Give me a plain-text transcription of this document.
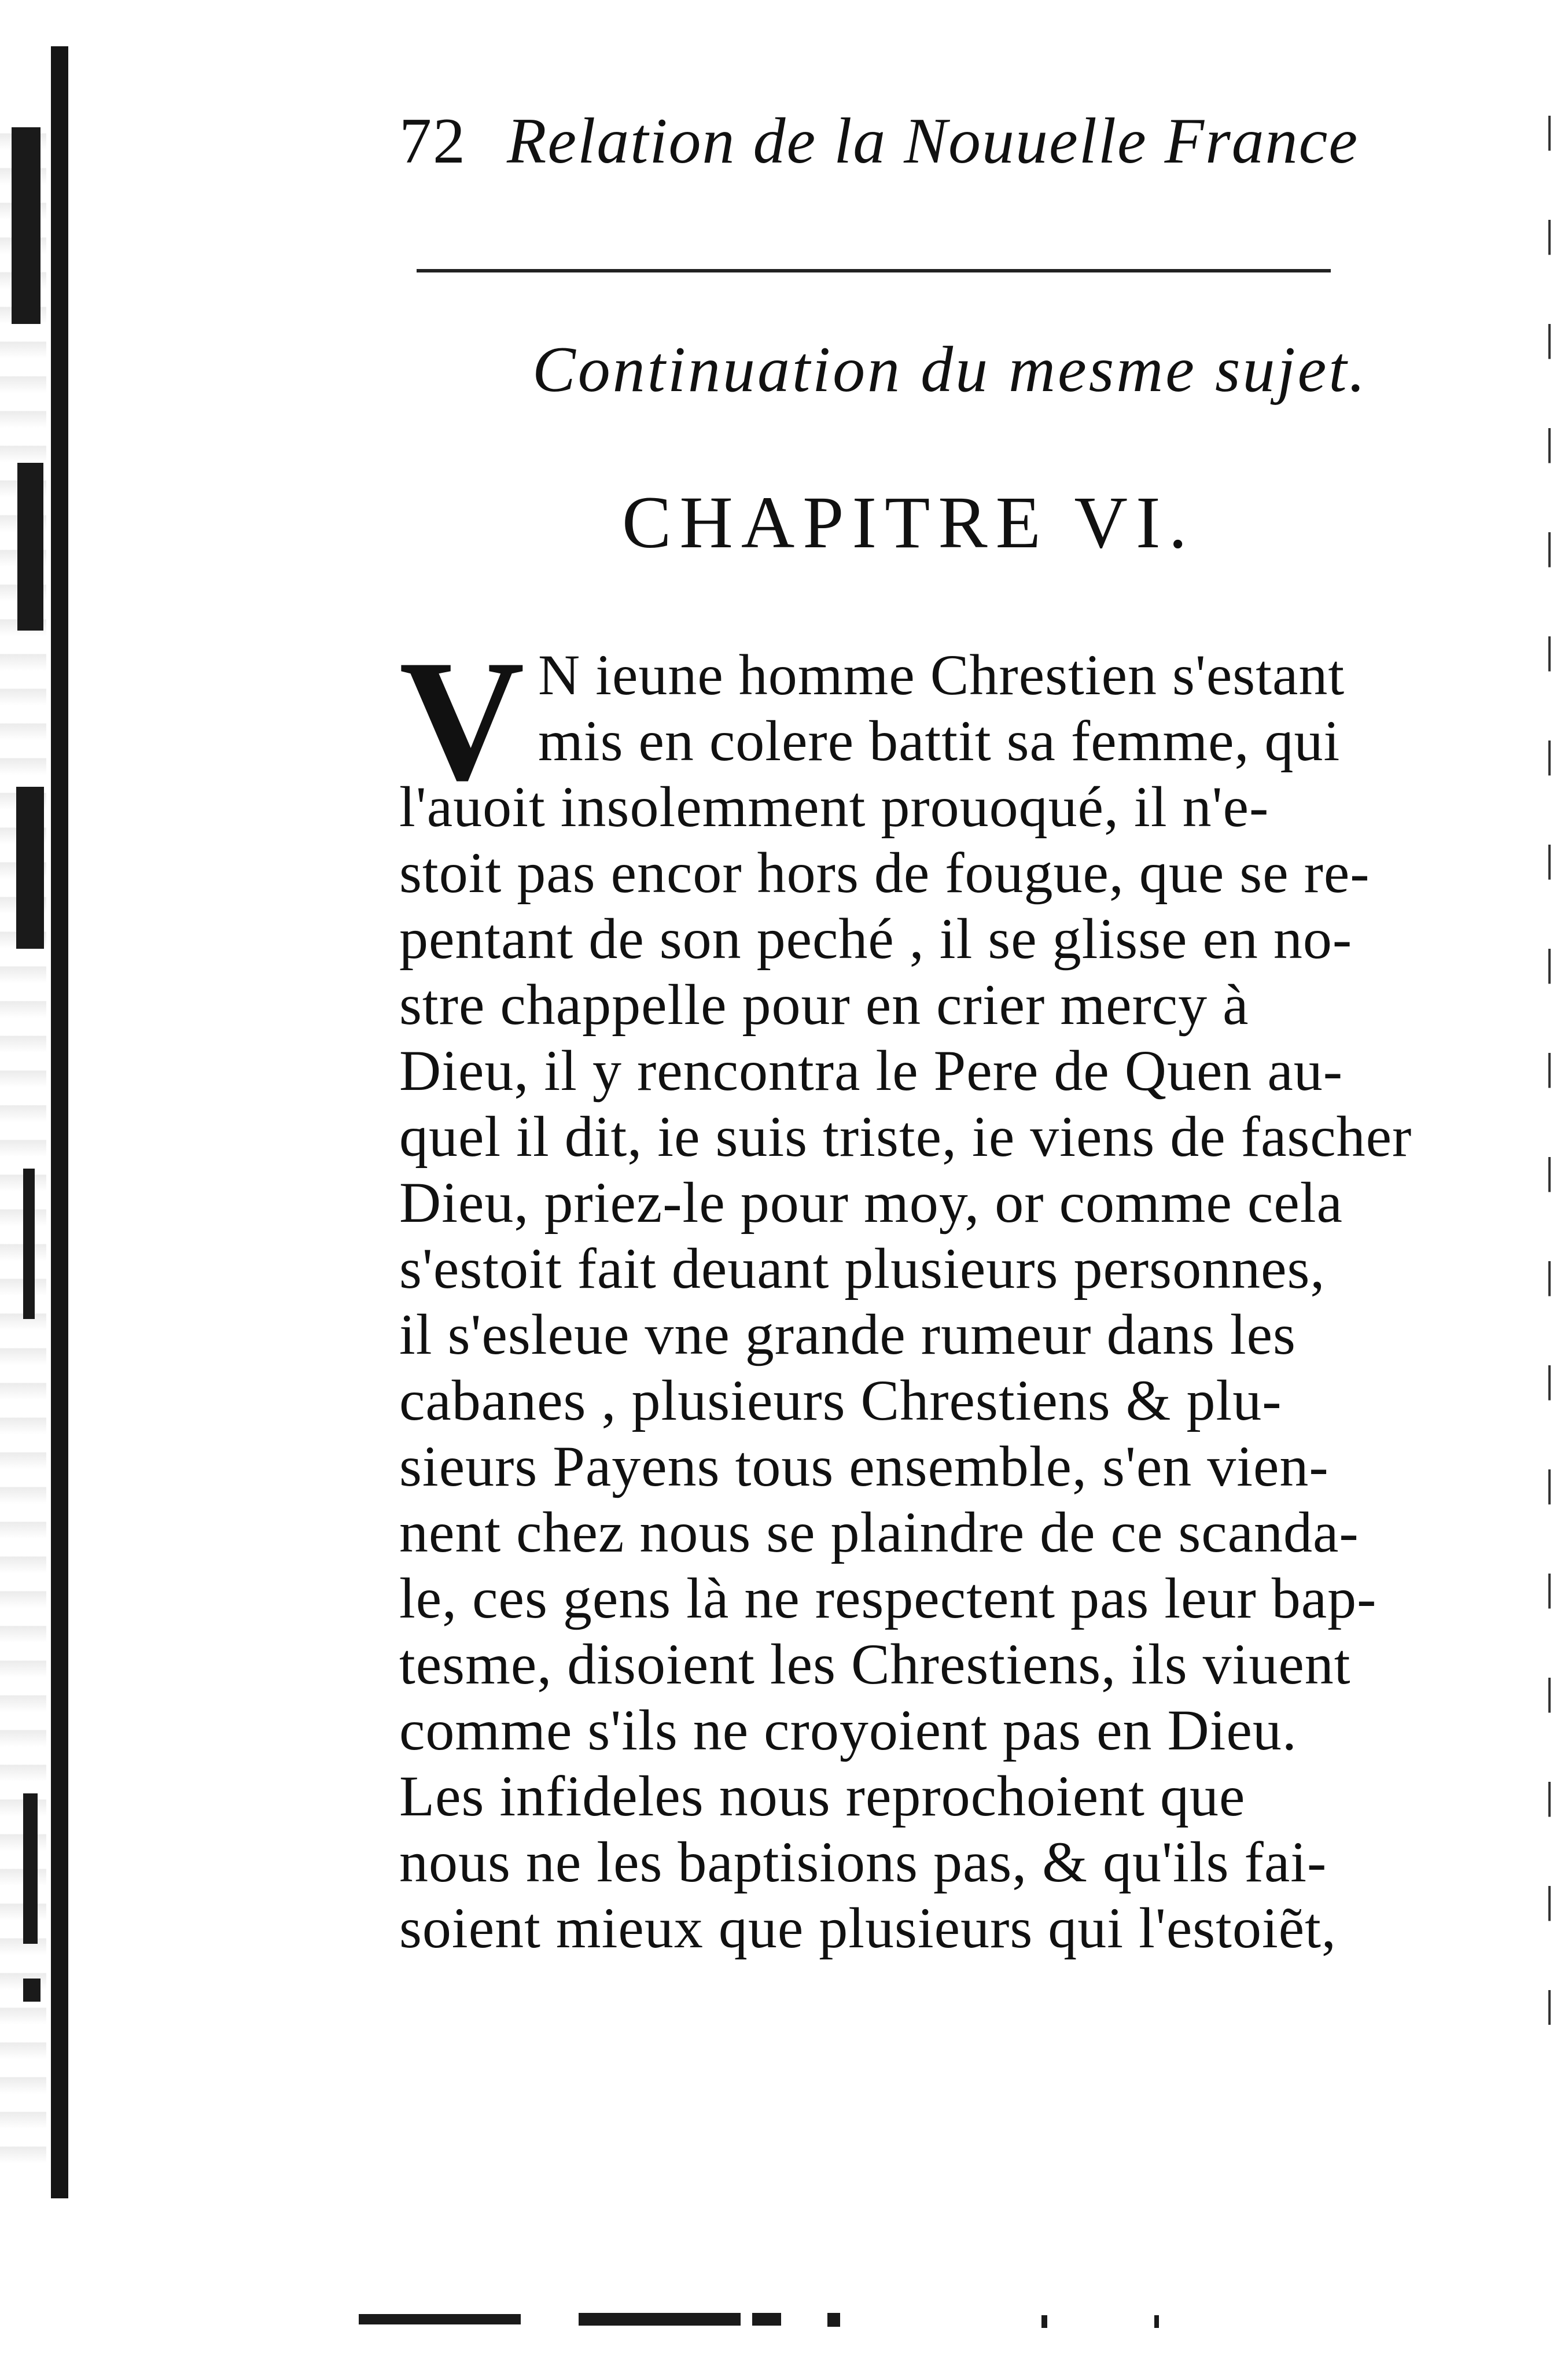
72 Relation de la Nouuelle France
Continuation du mesme sujet.
CHAPITRE VI.
V N ieune homme Chrestien s'estant
mis en colere battit sa femme, qui
l'auoit insolemment prouoqué, il n'e-
stoit pas encor hors de fougue, que se re-
pentant de son peché , il se glisse en no-
stre chappelle pour en crier mercy à
Dieu, il y rencontra le Pere de Quen au-
quel il dit, ie suis triste, ie viens de fascher
Dieu, priez-le pour moy, or comme cela
s'estoit fait deuant plusieurs personnes,
il s'esleue vne grande rumeur dans les
cabanes , plusieurs Chrestiens & plu-
sieurs Payens tous ensemble, s'en vien-
nent chez nous se plaindre de ce scanda-
le, ces gens là ne respectent pas leur bap-
tesme, disoient les Chrestiens, ils viuent
comme s'ils ne croyoient pas en Dieu.
Les infideles nous reprochoient que
nous ne les baptisions pas, & qu'ils fai-
soient mieux que plusieurs qui l'estoiẽt,
